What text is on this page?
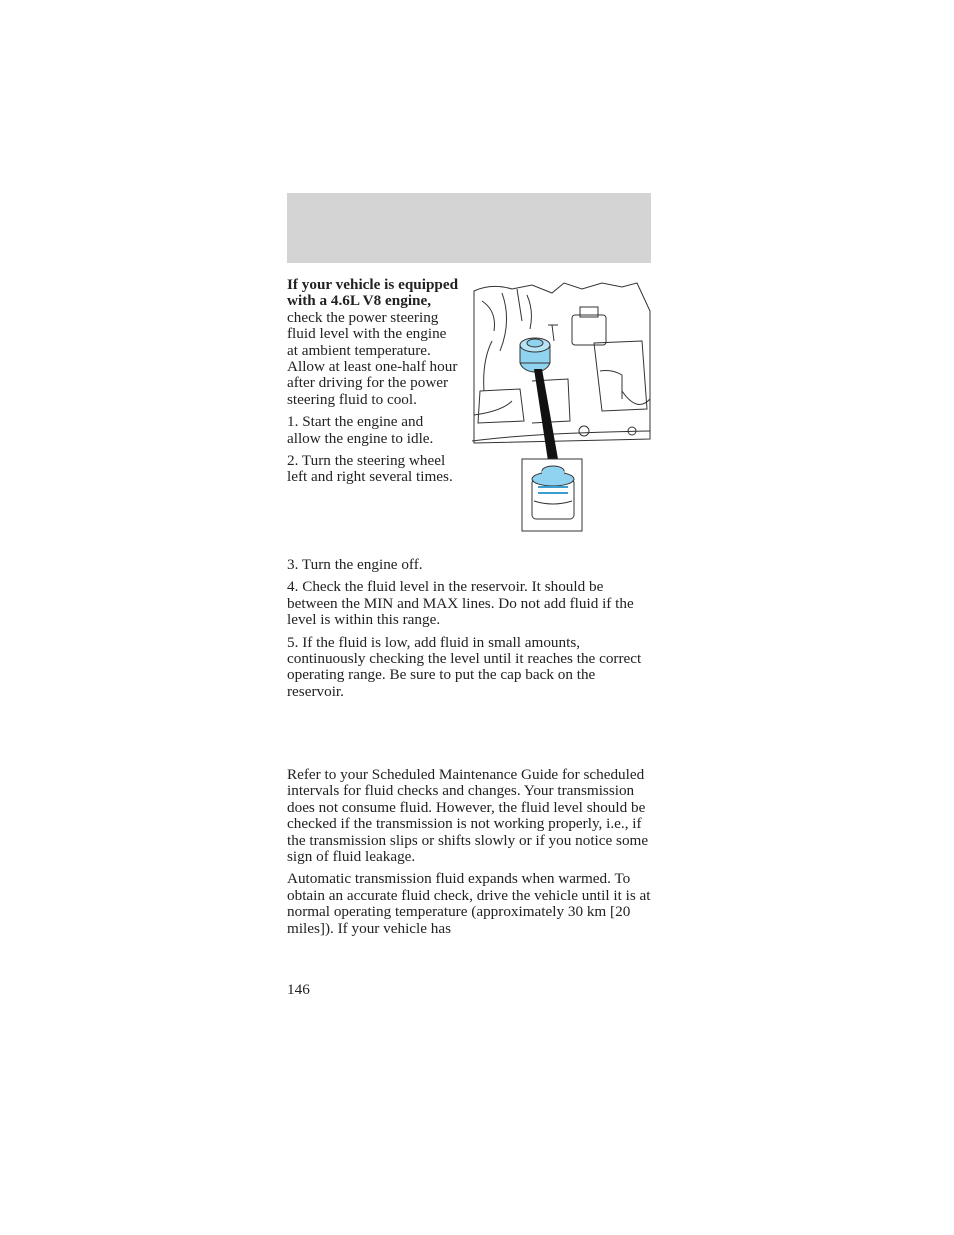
If your vehicle is equipped with a 4.6L V8 engine, check the power steering fluid level with the engine at ambient temperature. Allow at least one-half hour after driving for the power steering fluid to cool.

1. Start the engine and allow the engine to idle.

2. Turn the steering wheel left and right several times.

3. Turn the engine off.

4. Check the fluid level in the reservoir. It should be between the MIN and MAX lines. Do not add fluid if the level is within this range.

5. If the fluid is low, add fluid in small amounts, continuously checking the level until it reaches the correct operating range. Be sure to put the cap back on the reservoir.

Refer to your Scheduled Maintenance Guide for scheduled intervals for fluid checks and changes. Your transmission does not consume fluid. However, the fluid level should be checked if the transmission is not working properly, i.e., if the transmission slips or shifts slowly or if you notice some sign of fluid leakage.

Automatic transmission fluid expands when warmed. To obtain an accurate fluid check, drive the vehicle until it is at normal operating temperature (approximately 30 km [20 miles]). If your vehicle has

146
